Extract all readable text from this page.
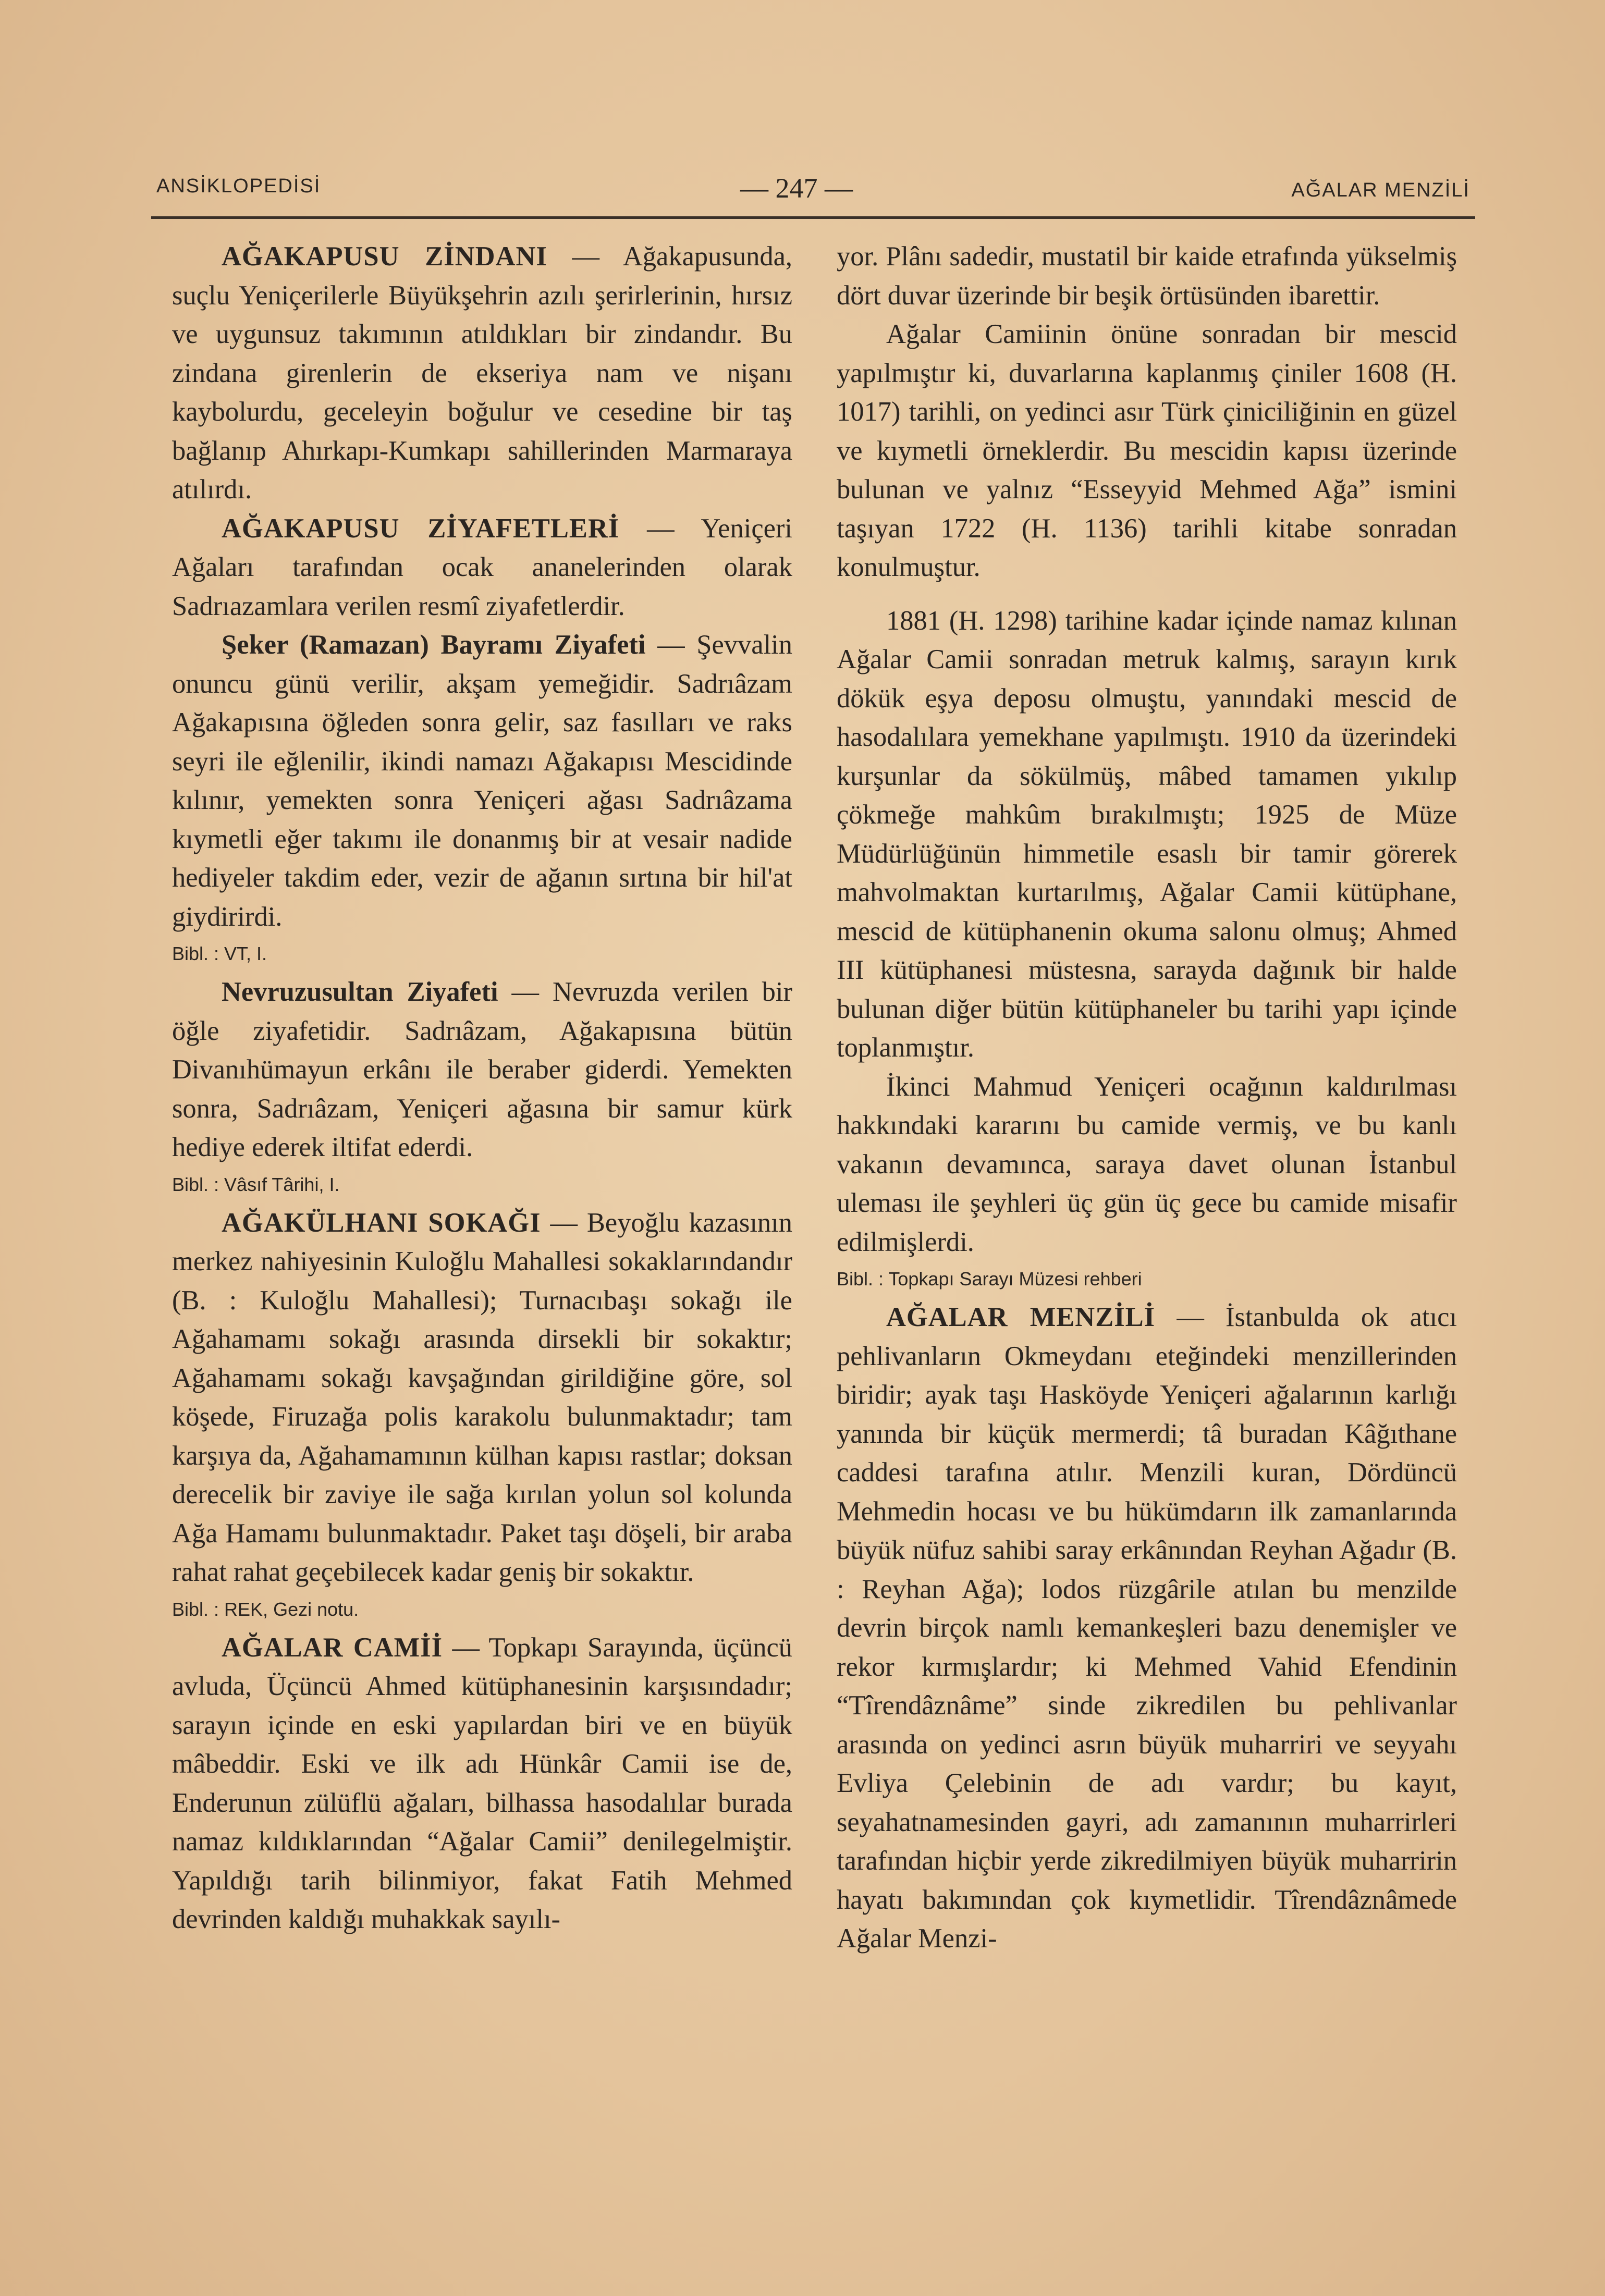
ANSİKLOPEDİSİ	— 247 —	AĞALAR MENZİLİ

AĞAKAPUSU ZİNDANI — Ağakapusunda, suçlu Yeniçerilerle Büyükşehrin azılı şerirlerinin, hırsız ve uygunsuz takımının atıldıkları bir zindandır. Bu zindana girenlerin de ekseriya nam ve nişanı kaybolurdu, geceleyin boğulur ve cesedine bir taş bağlanıp Ahırkapı-Kumkapı sahillerinden Marmaraya atılırdı.

AĞAKAPUSU ZİYAFETLERİ — Yeniçeri Ağaları tarafından ocak ananelerinden olarak Sadrıazamlara verilen resmî ziyafetlerdir.

Şeker (Ramazan) Bayramı Ziyafeti — Şevvalin onuncu günü verilir, akşam yemeğidir. Sadrıâzam Ağakapısına öğleden sonra gelir, saz fasılları ve raks seyri ile eğlenilir, ikindi namazı Ağakapısı Mescidinde kılınır, yemekten sonra Yeniçeri ağası Sadrıâzama kıymetli eğer takımı ile donanmış bir at vesair nadide hediyeler takdim eder, vezir de ağanın sırtına bir hil'at giydirirdi.

Bibl. : VT, I.

Nevruzusultan Ziyafeti — Nevruzda verilen bir öğle ziyafetidir. Sadrıâzam, Ağakapısına bütün Divanıhümayun erkânı ile beraber giderdi. Yemekten sonra, Sadrıâzam, Yeniçeri ağasına bir samur kürk hediye ederek iltifat ederdi.

Bibl. : Vâsıf Târihi, I.

AĞAKÜLHANI SOKAĞI — Beyoğlu kazasının merkez nahiyesinin Kuloğlu Mahallesi sokaklarındandır (B. : Kuloğlu Mahallesi); Turnacıbaşı sokağı ile Ağahamamı sokağı arasında dirsekli bir sokaktır; Ağahamamı sokağı kavşağından girildiğine göre, sol köşede, Firuzağa polis karakolu bulunmaktadır; tam karşıya da, Ağahamamının külhan kapısı rastlar; doksan derecelik bir zaviye ile sağa kırılan yolun sol kolunda Ağa Hamamı bulunmaktadır. Paket taşı döşeli, bir araba rahat rahat geçebilecek kadar geniş bir sokaktır.

Bibl. : REK, Gezi notu.

AĞALAR CAMİİ — Topkapı Sarayında, üçüncü avluda, Üçüncü Ahmed kütüphanesinin karşısındadır; sarayın içinde en eski yapılardan biri ve en büyük mâbeddir. Eski ve ilk adı Hünkâr Camii ise de, Enderunun zülüflü ağaları, bilhassa hasodalılar burada namaz kıldıklarından “Ağalar Camii” denilegelmiştir. Yapıldığı tarih bilinmiyor, fakat Fatih Mehmed devrinden kaldığı muhakkak sayılı-

yor. Plânı sadedir, mustatil bir kaide etrafında yükselmiş dört duvar üzerinde bir beşik örtüsünden ibarettir.

Ağalar Camiinin önüne sonradan bir mescid yapılmıştır ki, duvarlarına kaplanmış çiniler 1608 (H. 1017) tarihli, on yedinci asır Türk çiniciliğinin en güzel ve kıymetli örneklerdir. Bu mescidin kapısı üzerinde bulunan ve yalnız “Esseyyid Mehmed Ağa” ismini taşıyan 1722 (H. 1136) tarihli kitabe sonradan konulmuştur.

1881 (H. 1298) tarihine kadar içinde namaz kılınan Ağalar Camii sonradan metruk kalmış, sarayın kırık dökük eşya deposu olmuştu, yanındaki mescid de hasodalılara yemekhane yapılmıştı. 1910 da üzerindeki kurşunlar da sökülmüş, mâbed tamamen yıkılıp çökmeğe mahkûm bırakılmıştı; 1925 de Müze Müdürlüğünün himmetile esaslı bir tamir görerek mahvolmaktan kurtarılmış, Ağalar Camii kütüphane, mescid de kütüphanenin okuma salonu olmuş; Ahmed III kütüphanesi müstesna, sarayda dağınık bir halde bulunan diğer bütün kütüphaneler bu tarihi yapı içinde toplanmıştır.

İkinci Mahmud Yeniçeri ocağının kaldırılması hakkındaki kararını bu camide vermiş, ve bu kanlı vakanın devamınca, saraya davet olunan İstanbul uleması ile şeyhleri üç gün üç gece bu camide misafir edilmişlerdi.

Bibl. : Topkapı Sarayı Müzesi rehberi

AĞALAR MENZİLİ — İstanbulda ok atıcı pehlivanların Okmeydanı eteğindeki menzillerinden biridir; ayak taşı Hasköyde Yeniçeri ağalarının karlığı yanında bir küçük mermerdi; tâ buradan Kâğıthane caddesi tarafına atılır. Menzili kuran, Dördüncü Mehmedin hocası ve bu hükümdarın ilk zamanlarında büyük nüfuz sahibi saray erkânından Reyhan Ağadır (B. : Reyhan Ağa); lodos rüzgârile atılan bu menzilde devrin birçok namlı kemankeşleri bazu denemişler ve rekor kırmışlardır; ki Mehmed Vahid Efendinin “Tîrendâznâme” sinde zikredilen bu pehlivanlar arasında on yedinci asrın büyük muharriri ve seyyahı Evliya Çelebinin de adı vardır; bu kayıt, seyahatnamesinden gayri, adı zamanının muharrirleri tarafından hiçbir yerde zikredilmiyen büyük muharririn hayatı bakımından çok kıymetlidir. Tîrendâznâmede Ağalar Menzi-
